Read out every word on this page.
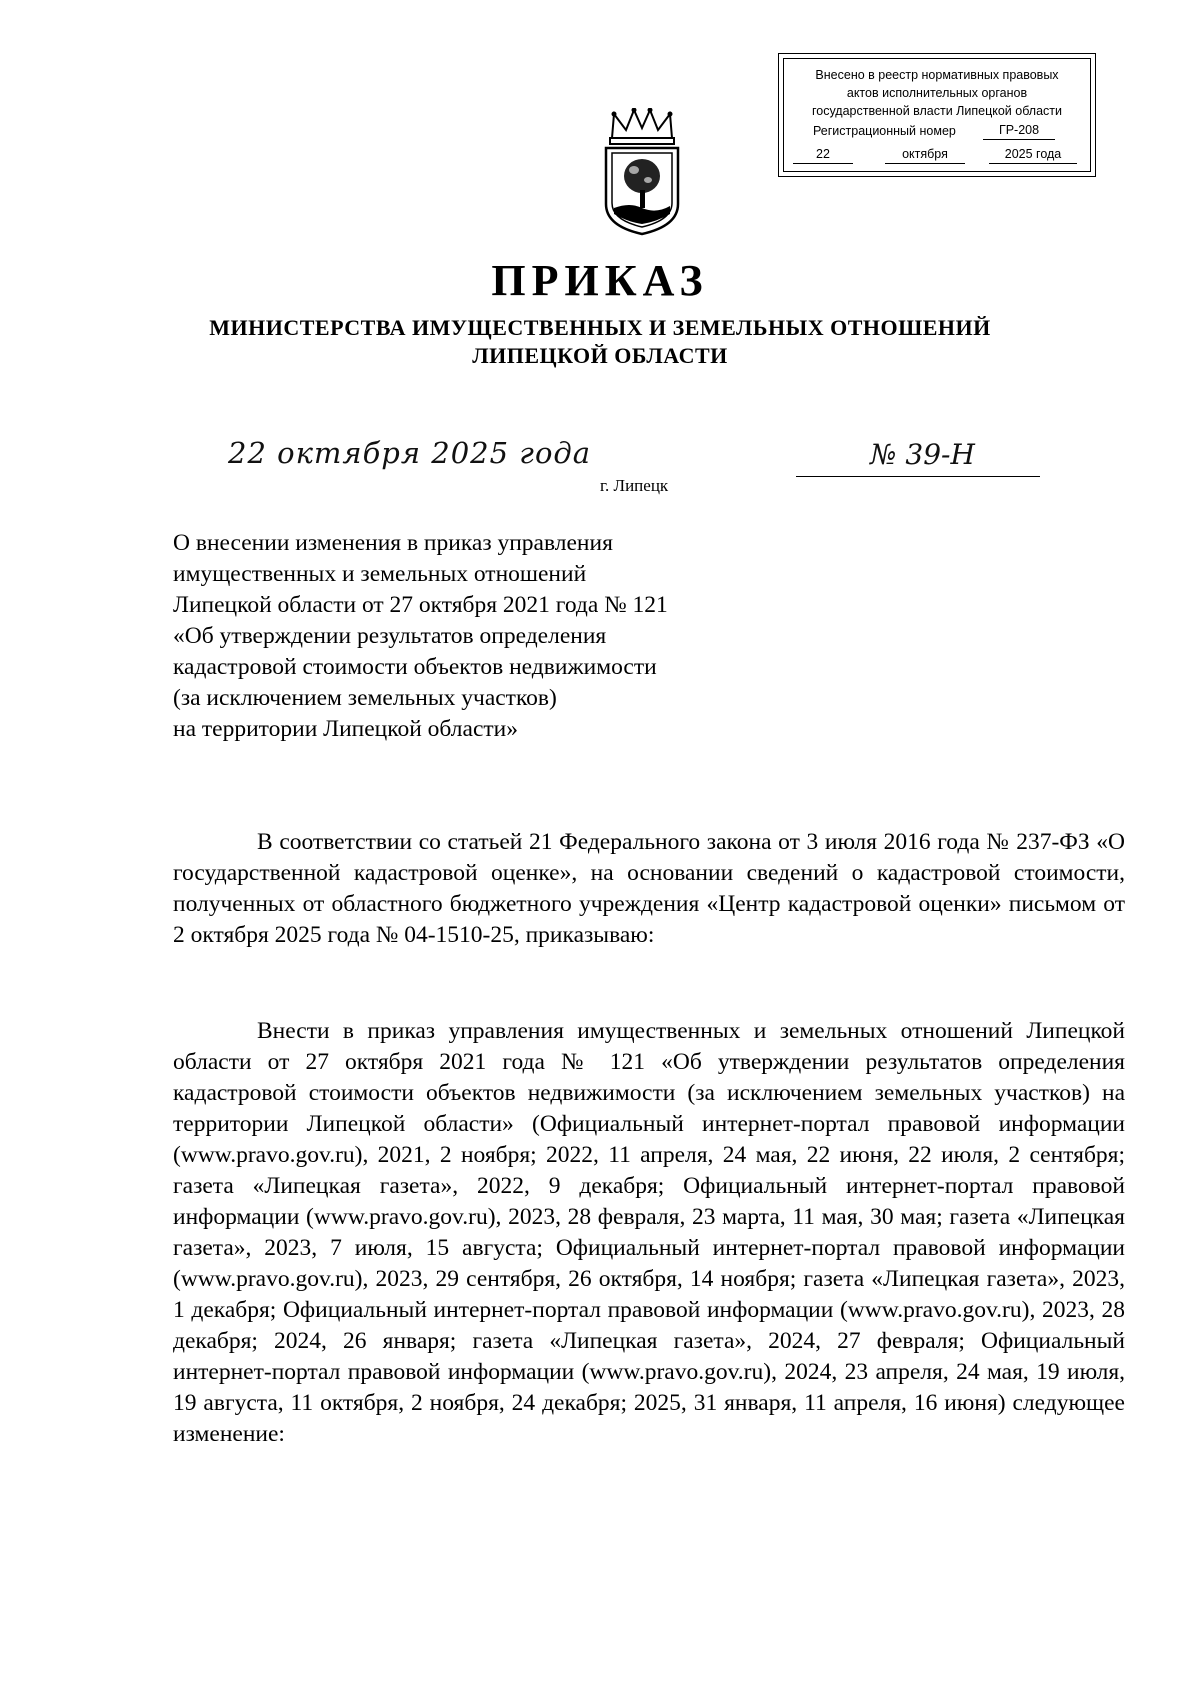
Внесено в реестр нормативных правовых
актов исполнительных органов
государственной власти Липецкой области
Регистрационный номер	ГР-208
22	октября	2025 года
ПРИКАЗ
МИНИСТЕРСТВА ИМУЩЕСТВЕННЫХ И ЗЕМЕЛЬНЫХ ОТНОШЕНИЙ
ЛИПЕЦКОЙ ОБЛАСТИ
22 октября 2025 года	№ 39-Н
г. Липецк
О внесении изменения в приказ управления
имущественных и земельных отношений
Липецкой области от 27 октября 2021 года № 121
«Об утверждении результатов определения
кадастровой стоимости объектов недвижимости
(за исключением земельных участков)
на территории Липецкой области»
В соответствии со статьей 21 Федерального закона от 3 июля 2016 года № 237-ФЗ «О государственной кадастровой оценке», на основании сведений о кадастровой стоимости, полученных от областного бюджетного учреждения «Центр кадастровой оценки» письмом от 2 октября 2025 года № 04-1510-25, приказываю:
Внести в приказ управления имущественных и земельных отношений Липецкой области от 27 октября 2021 года № 121 «Об утверждении результатов определения кадастровой стоимости объектов недвижимости (за исключением земельных участков) на территории Липецкой области» (Официальный интернет-портал правовой информации (www.pravo.gov.ru), 2021, 2 ноября; 2022, 11 апреля, 24 мая, 22 июня, 22 июля, 2 сентября; газета «Липецкая газета», 2022, 9 декабря; Официальный интернет-портал правовой информации (www.pravo.gov.ru), 2023, 28 февраля, 23 марта, 11 мая, 30 мая; газета «Липецкая газета», 2023, 7 июля, 15 августа; Официальный интернет-портал правовой информации (www.pravo.gov.ru), 2023, 29 сентября, 26 октября, 14 ноября; газета «Липецкая газета», 2023, 1 декабря; Официальный интернет-портал правовой информации (www.pravo.gov.ru), 2023, 28 декабря; 2024, 26 января; газета «Липецкая газета», 2024, 27 февраля; Официальный интернет-портал правовой информации (www.pravo.gov.ru), 2024, 23 апреля, 24 мая, 19 июля, 19 августа, 11 октября, 2 ноября, 24 декабря; 2025, 31 января, 11 апреля, 16 июня) следующее изменение:
